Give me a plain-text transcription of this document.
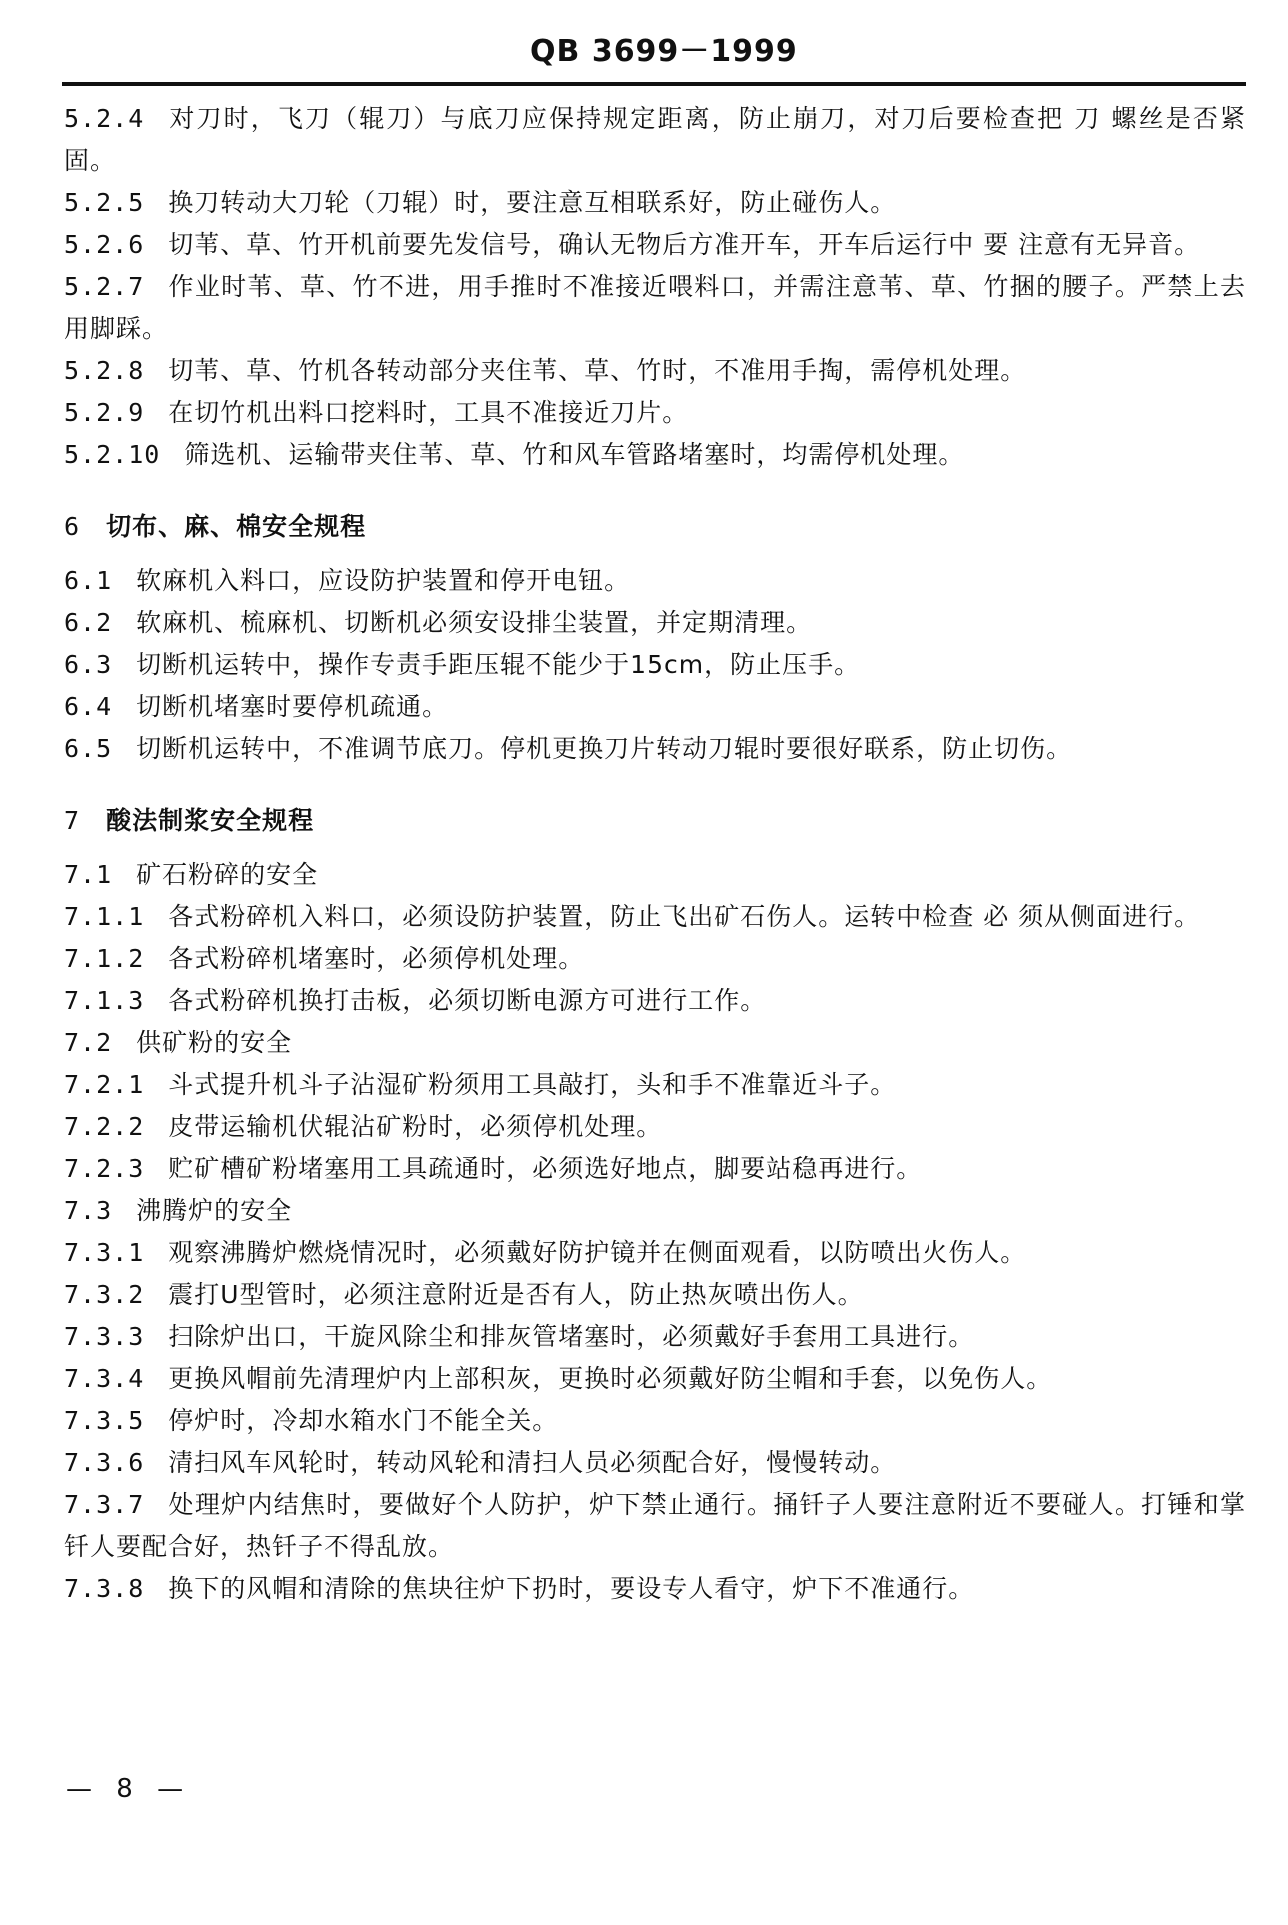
QB 3699－1999
5.2.4 对刀时，飞刀（辊刀）与底刀应保持规定距离，防止崩刀，对刀后要检查把 刀 螺丝是否紧固。
5.2.5 换刀转动大刀轮（刀辊）时，要注意互相联系好，防止碰伤人。
5.2.6 切苇、草、竹开机前要先发信号，确认无物后方准开车，开车后运行中 要 注意有无异音。
5.2.7 作业时苇、草、竹不进，用手推时不准接近喂料口，并需注意苇、草、竹捆的腰子。严禁上去用脚踩。
5.2.8 切苇、草、竹机各转动部分夹住苇、草、竹时，不准用手掏，需停机处理。
5.2.9 在切竹机出料口挖料时，工具不准接近刀片。
5.2.10 筛选机、运输带夹住苇、草、竹和风车管路堵塞时，均需停机处理。
6 切布、麻、棉安全规程
6.1 软麻机入料口，应设防护装置和停开电钮。
6.2 软麻机、梳麻机、切断机必须安设排尘装置，并定期清理。
6.3 切断机运转中，操作专责手距压辊不能少于15cm，防止压手。
6.4 切断机堵塞时要停机疏通。
6.5 切断机运转中，不准调节底刀。停机更换刀片转动刀辊时要很好联系，防止切伤。
7 酸法制浆安全规程
7.1 矿石粉碎的安全
7.1.1 各式粉碎机入料口，必须设防护装置，防止飞出矿石伤人。运转中检查 必 须从侧面进行。
7.1.2 各式粉碎机堵塞时，必须停机处理。
7.1.3 各式粉碎机换打击板，必须切断电源方可进行工作。
7.2 供矿粉的安全
7.2.1 斗式提升机斗子沾湿矿粉须用工具敲打，头和手不准靠近斗子。
7.2.2 皮带运输机伏辊沾矿粉时，必须停机处理。
7.2.3 贮矿槽矿粉堵塞用工具疏通时，必须选好地点，脚要站稳再进行。
7.3 沸腾炉的安全
7.3.1 观察沸腾炉燃烧情况时，必须戴好防护镜并在侧面观看，以防喷出火伤人。
7.3.2 震打U型管时，必须注意附近是否有人，防止热灰喷出伤人。
7.3.3 扫除炉出口，干旋风除尘和排灰管堵塞时，必须戴好手套用工具进行。
7.3.4 更换风帽前先清理炉内上部积灰，更换时必须戴好防尘帽和手套，以免伤人。
7.3.5 停炉时，冷却水箱水门不能全关。
7.3.6 清扫风车风轮时，转动风轮和清扫人员必须配合好，慢慢转动。
7.3.7 处理炉内结焦时，要做好个人防护，炉下禁止通行。捅钎子人要注意附近不要碰人。打锤和掌钎人要配合好，热钎子不得乱放。
7.3.8 换下的风帽和清除的焦块往炉下扔时，要设专人看守，炉下不准通行。
— 8 —
